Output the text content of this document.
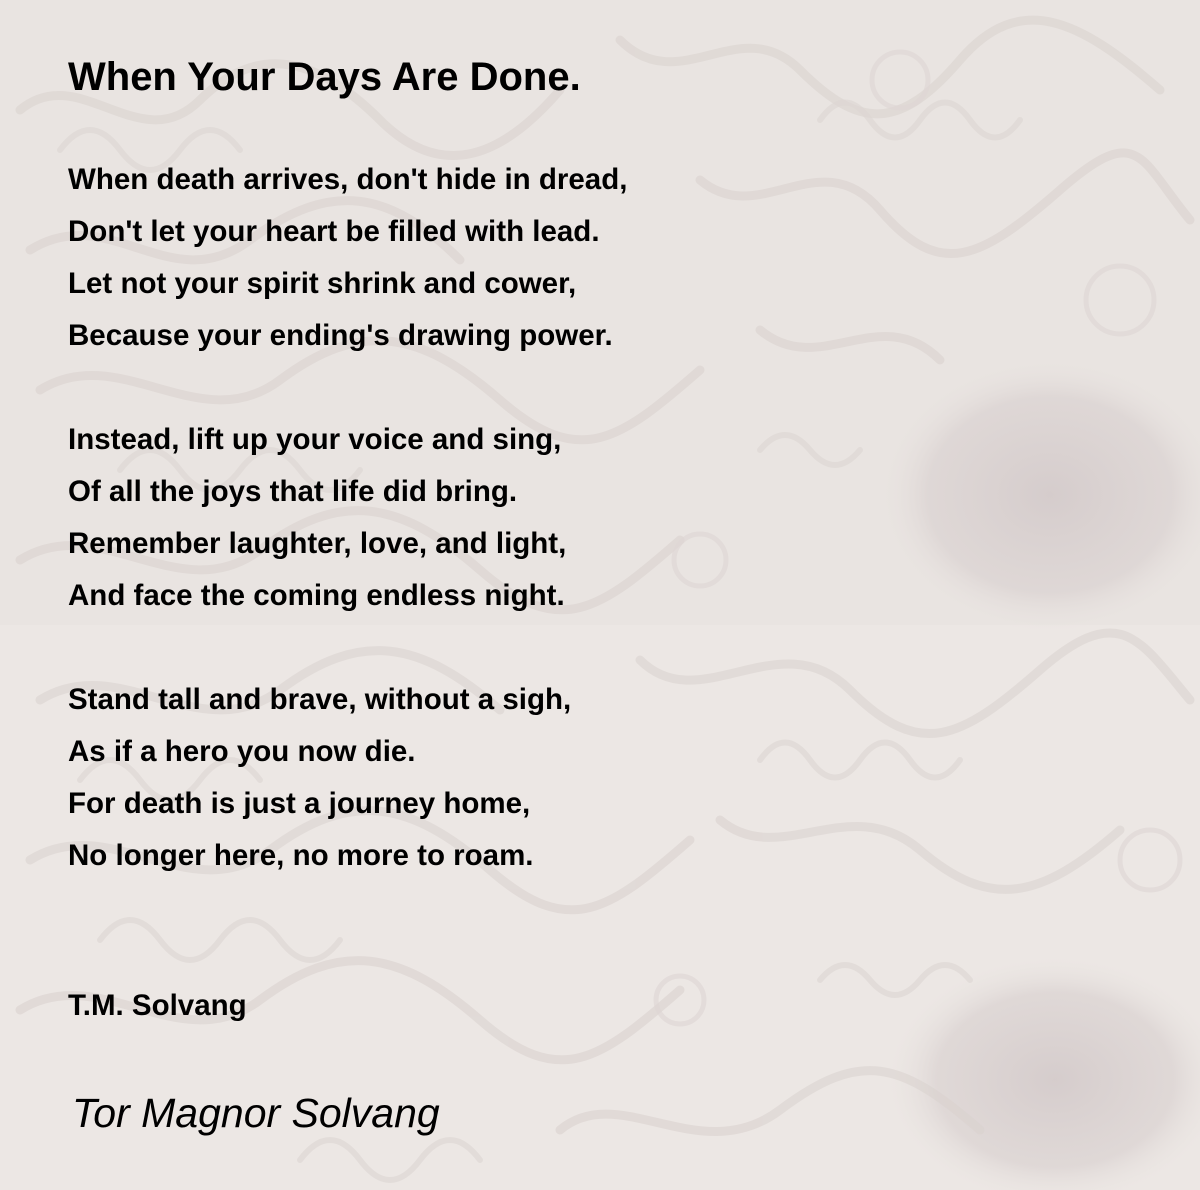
When Your Days Are Done.
When death arrives, don't hide in dread,
Don't let your heart be filled with lead.
Let not your spirit shrink and cower,
Because your ending's drawing power.
Instead, lift up your voice and sing,
Of all the joys that life did bring.
Remember laughter, love, and light,
And face the coming endless night.
Stand tall and brave, without a sigh,
As if a hero you now die.
For death is just a journey home,
No longer here, no more to roam.

T.M. Solvang

Tor Magnor Solvang
